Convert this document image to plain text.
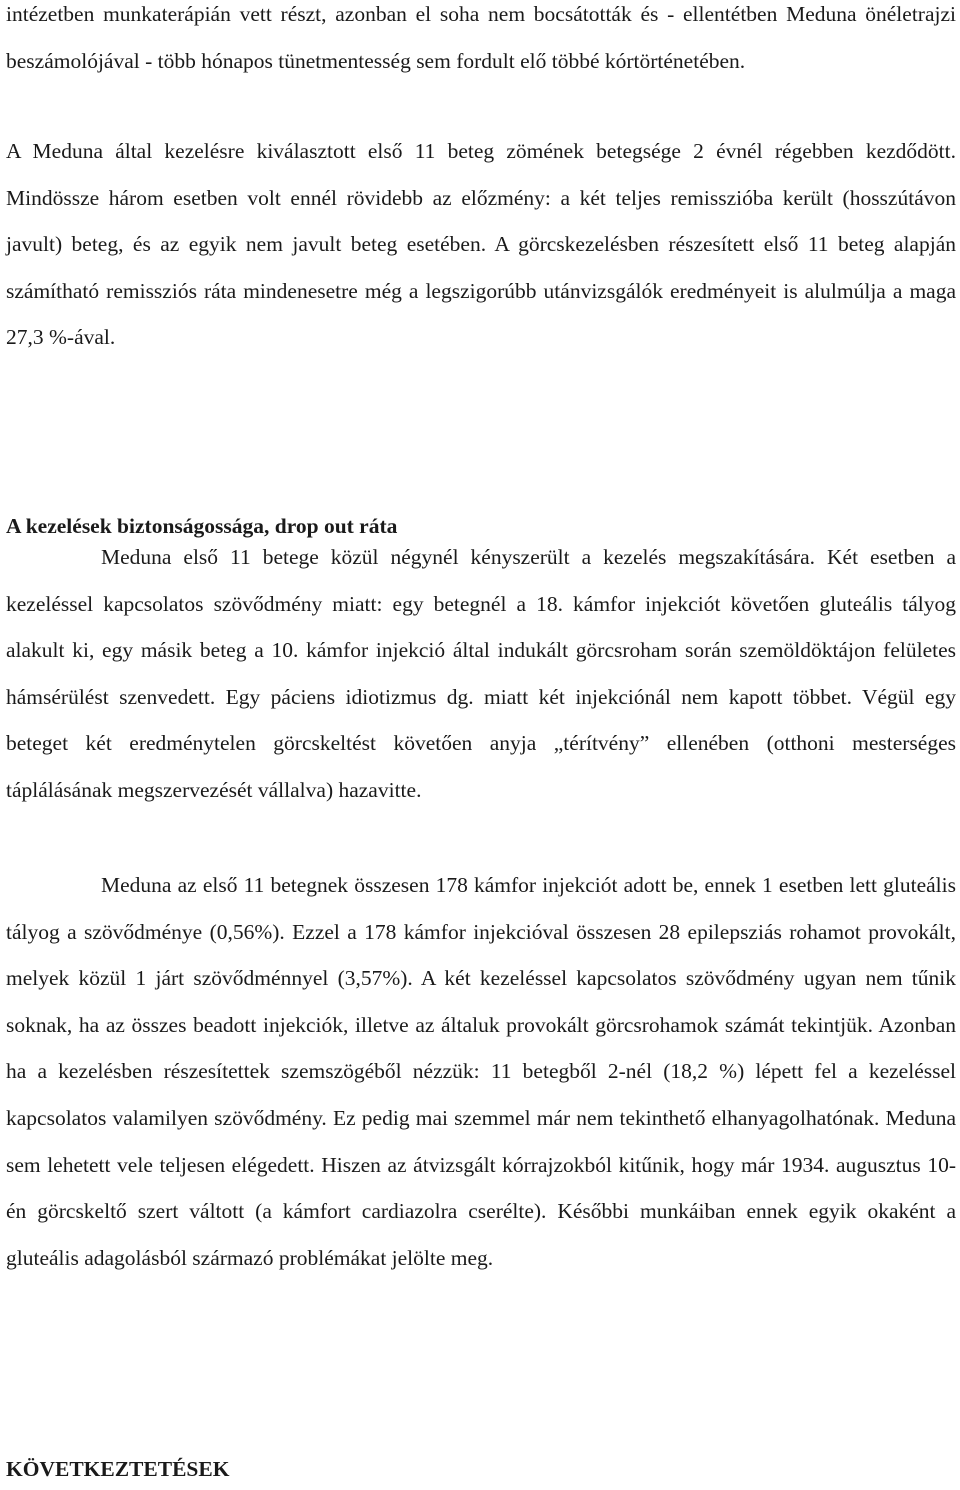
intézetben munkaterápián vett részt, azonban el soha nem bocsátották és - ellentétben Meduna önéletrajzi beszámolójával - több hónapos tünetmentesség sem fordult elő többé kórtörténetében.

A Meduna által kezelésre kiválasztott első 11 beteg zömének betegsége 2 évnél régebben kezdődött. Mindössze három esetben volt ennél rövidebb az előzmény: a két teljes remisszióba került (hosszútávon javult) beteg, és az egyik nem javult beteg esetében. A görcskezelésben részesített első 11 beteg alapján számítható remissziós ráta mindenesetre még a legszigorúbb utánvizsgálók eredményeit is alulmúlja a maga 27,3 %-ával.

A kezelések biztonságossága, drop out ráta

Meduna első 11 betege közül négynél kényszerült a kezelés megszakítására. Két esetben a kezeléssel kapcsolatos szövődmény miatt: egy betegnél a 18. kámfor injekciót követően gluteális tályog alakult ki, egy másik beteg a 10. kámfor injekció által indukált görcsroham során szemöldöktájon felületes hámsérülést szenvedett. Egy páciens idiotizmus dg. miatt két injekciónál nem kapott többet. Végül egy beteget két eredménytelen görcskeltést követően anyja „térítvény” ellenében (otthoni mesterséges táplálásának megszervezését vállalva) hazavitte.

Meduna az első 11 betegnek összesen 178 kámfor injekciót adott be, ennek 1 esetben lett gluteális tályog a szövődménye (0,56%). Ezzel a 178 kámfor injekcióval összesen 28 epilepsziás rohamot provokált, melyek közül 1 járt szövődménnyel (3,57%). A két kezeléssel kapcsolatos szövődmény ugyan nem tűnik soknak, ha az összes beadott injekciók, illetve az általuk provokált görcsrohamok számát tekintjük. Azonban ha a kezelésben részesítettek szemszögéből nézzük: 11 betegből 2-nél (18,2 %) lépett fel a kezeléssel kapcsolatos valamilyen szövődmény. Ez pedig mai szemmel már nem tekinthető elhanyagolhatónak. Meduna sem lehetett vele teljesen elégedett. Hiszen az átvizsgált kórrajzokból kitűnik, hogy már 1934. augusztus 10-én görcskeltő szert váltott (a kámfort cardiazolra cserélte). Későbbi munkáiban ennek egyik okaként a gluteális adagolásból származó problémákat jelölte meg.

KÖVETKEZTETÉSEK
